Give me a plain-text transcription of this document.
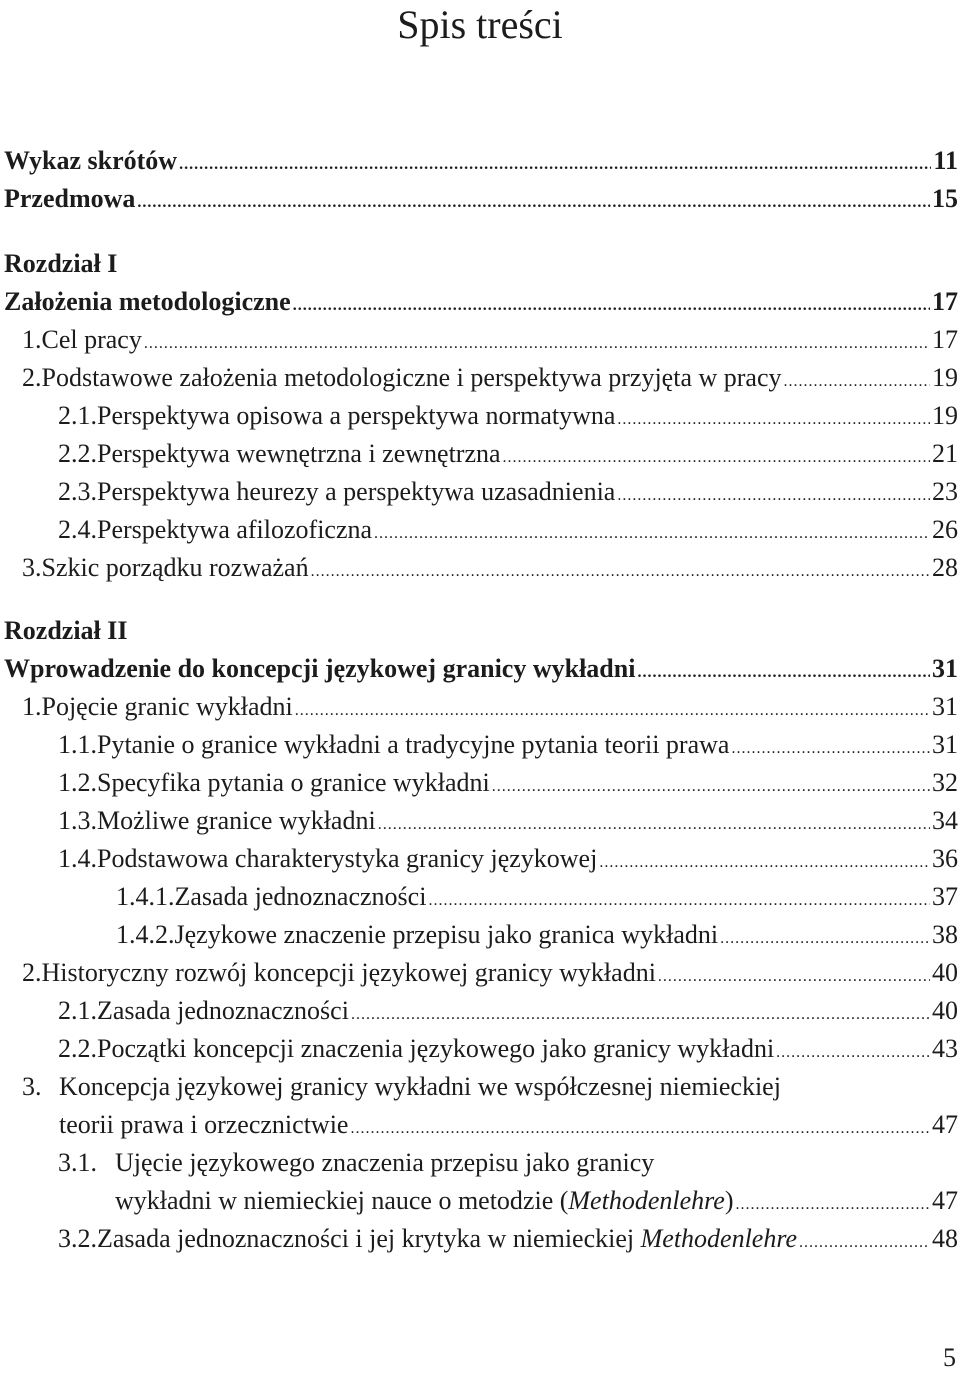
Spis treści
Wykaz skrótów .....	11
Przedmowa .....	15
Rozdział I
Założenia metodologiczne .....	17
1. Cel pracy .....	17
2. Podstawowe założenia metodologiczne i perspektywa przyjęta w pracy .....	19
2.1. Perspektywa opisowa a perspektywa normatywna .....	19
2.2. Perspektywa wewnętrzna i zewnętrzna .....	21
2.3. Perspektywa heurezy a perspektywa uzasadnienia .....	23
2.4. Perspektywa afilozoficzna .....	26
3. Szkic porządku rozważań .....	28
Rozdział II
Wprowadzenie do koncepcji językowej granicy wykładni .....	31
1. Pojęcie granic wykładni .....	31
1.1. Pytanie o granice wykładni a tradycyjne pytania teorii prawa .....	31
1.2. Specyfika pytania o granice wykładni .....	32
1.3. Możliwe granice wykładni .....	34
1.4. Podstawowa charakterystyka granicy językowej .....	36
1.4.1. Zasada jednoznaczności .....	37
1.4.2. Językowe znaczenie przepisu jako granica wykładni .....	38
2. Historyczny rozwój koncepcji językowej granicy wykładni .....	40
2.1. Zasada jednoznaczności .....	40
2.2. Początki koncepcji znaczenia językowego jako granicy wykładni .....	43
3. Koncepcja językowej granicy wykładni we współczesnej niemieckiej
teorii prawa i orzecznictwie .....	47
3.1. Ujęcie językowego znaczenia przepisu jako granicy
wykładni w niemieckiej nauce o metodzie (Methodenlehre) .....	47
3.2. Zasada jednoznaczności i jej krytyka w niemieckiej Methodenlehre .....	48
5
